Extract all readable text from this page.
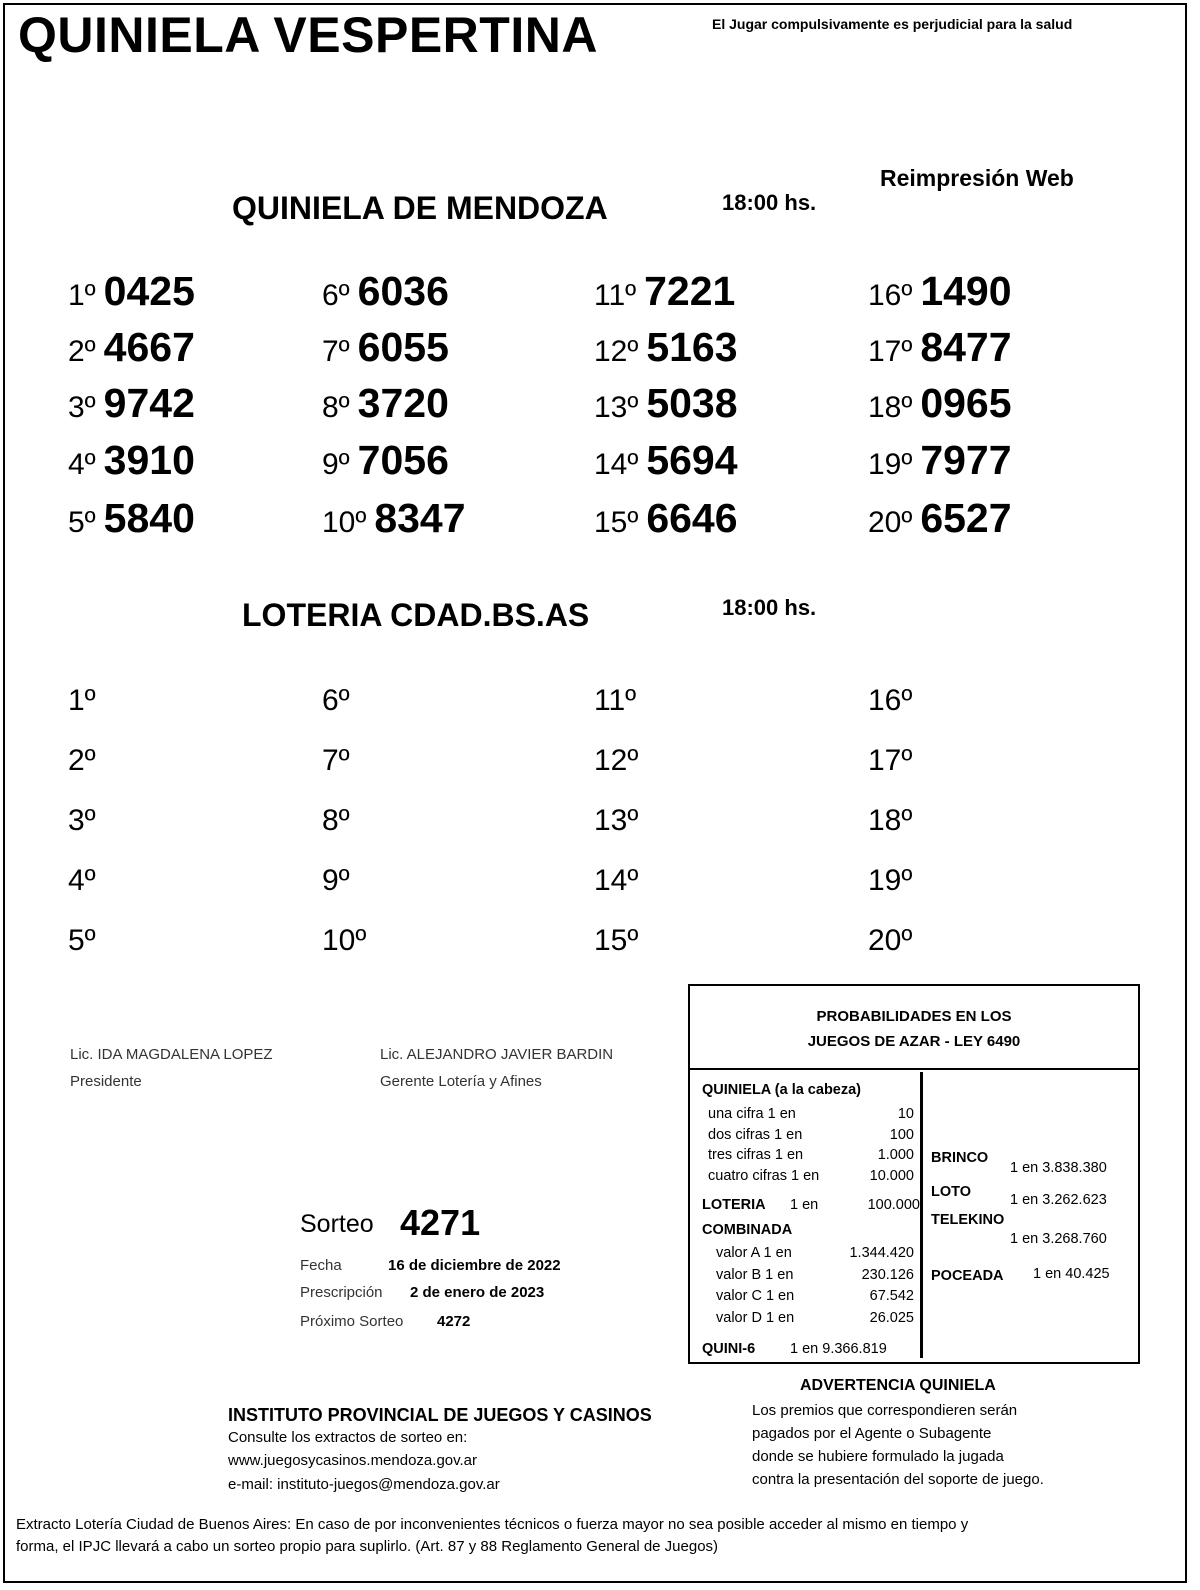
QUINIELA VESPERTINA	El Jugar compulsivamente es perjudicial para la salud
Reimpresión Web
QUINIELA DE MENDOZA	18:00 hs.
1º 0425
2º 4667
3º 9742
4º 3910
5º 5840
6º 6036
7º 6055
8º 3720
9º 7056
10º 8347
11º 7221
12º 5163
13º 5038
14º 5694
15º 6646
16º 1490
17º 8477
18º 0965
19º 7977
20º 6527
LOTERIA CDAD.BS.AS	18:00 hs.
1º
2º
3º
4º
5º
6º
7º
8º
9º
10º
11º
12º
13º
14º
15º
16º
17º
18º
19º
20º
Lic. IDA MAGDALENA LOPEZ
Presidente
Lic. ALEJANDRO JAVIER BARDIN
Gerente Lotería y Afines
Sorteo 4271
Fecha	16 de diciembre de 2022
Prescripción 2 de enero de 2023
Próximo Sorteo 4272
PROBABILIDADES EN LOS
JUEGOS DE AZAR - LEY 6490
QUINIELA (a la cabeza)
una cifra 1 en	10
dos cifras 1 en	100
tres cifras 1 en	1.000
cuatro cifras 1 en	10.000
LOTERIA 1 en	100.000
COMBINADA
valor A 1 en	1.344.420
valor B 1 en	230.126
valor C 1 en	67.542
valor D 1 en	26.025
QUINI-6 1 en 9.366.819
BRINCO
1 en 3.838.380
LOTO	1 en 3.262.623
TELEKINO
1 en 3.268.760
POCEADA 1 en 40.425
ADVERTENCIA QUINIELA
Los premios que correspondieren serán
pagados por el Agente o Subagente
donde se hubiere formulado la jugada
contra la presentación del soporte de juego.
INSTITUTO PROVINCIAL DE JUEGOS Y CASINOS
Consulte los extractos de sorteo en:
www.juegosycasinos.mendoza.gov.ar
e-mail: instituto-juegos@mendoza.gov.ar
Extracto Lotería Ciudad de Buenos Aires: En caso de por inconvenientes técnicos o fuerza mayor no sea posible acceder al mismo en tiempo y
forma, el IPJC llevará a cabo un sorteo propio para suplirlo. (Art. 87 y 88 Reglamento General de Juegos)
